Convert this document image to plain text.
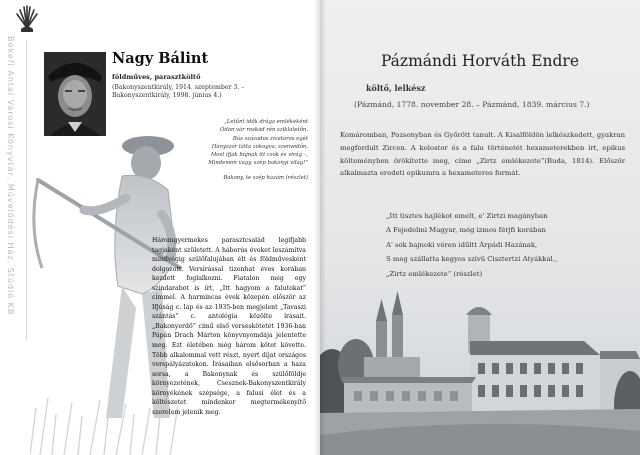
Békefi Antal Városi Könyvtár, Művelődési Ház, Stúdió KB	Nagy Bálint
földműves, parasztköltő
(Bakonyszentkirály, 1914. szeptember 3. – Bakonyszentkirály, 1998. június 4.)
„Letűnt idők drága emlékeként
Ódon vár roskad rén sziklatetőn.
Bús százados zivataros egét
Hányszor látta zokogva, szenvedőn.
Most ifjak bújnak itt csók és virág –,
Mindenem vagy, szép bakonyi világ!”
Bakony, te szép hazám (részlet)

Háromgyermekes parasztcsalád legifjabb tagjaként született. A háborús éveket leszámítva mindvégig szülőfalujában élt és földművesként dolgozott. Versírással tizenhat éves korában kezdett foglalkozni. Fiatalon még egy színdarabot is írt, „Itt hagyom a falutokat” címmel. A harmincas évek közepén először az Ifjúság c. lap és az 1935-ben megjelent „Tavaszi szántás” c. antológia közölte írásait. „Bakonyerdő” című első verseskötetét 1936-ban Pápán Drach Márton könyvnyomdája jelentette meg. Ezt életében még három kötet követte. Több alkalommal vett részt, nyert díjat országos verspályázatokon. Írásaiban elsősorban a haza sorsa, a Bakonynak és szülőföldje környezetének, Csesznek-Bakonyszentkirály környékének szépsége, a falusi élet és a költészetet mindenkor megtermékenyítő szerelem jelenik meg.

Pázmándi Horváth Endre
költő, lelkész
(Pázmánd, 1778. november 28. – Pázmánd, 1839. március 7.)

Komáromban, Pozsonyban és Győrött tanult. A Kisalföldön lelkészkedett, gyakran megfordult Zircen. A kolostor és a falu történetét hexameterekben írt, epikus költeményben örökítette meg, címe „Zirtz emlékezete”(Buda, 1814). Először alkalmazta eredeti epikumra a hexameteres formát.

„Itt tisztes hajlékot emelt, e' Zirtzi magányban
A Fejedelmi Magyar, még izmos férjfi korában
A' sok bajnoki véren idűltt Árpádi Hazának,
S meg szállatta kegyes szívü Cisztertzi Atyákkal.,
„Zirtz emlékezete” (részlet)
